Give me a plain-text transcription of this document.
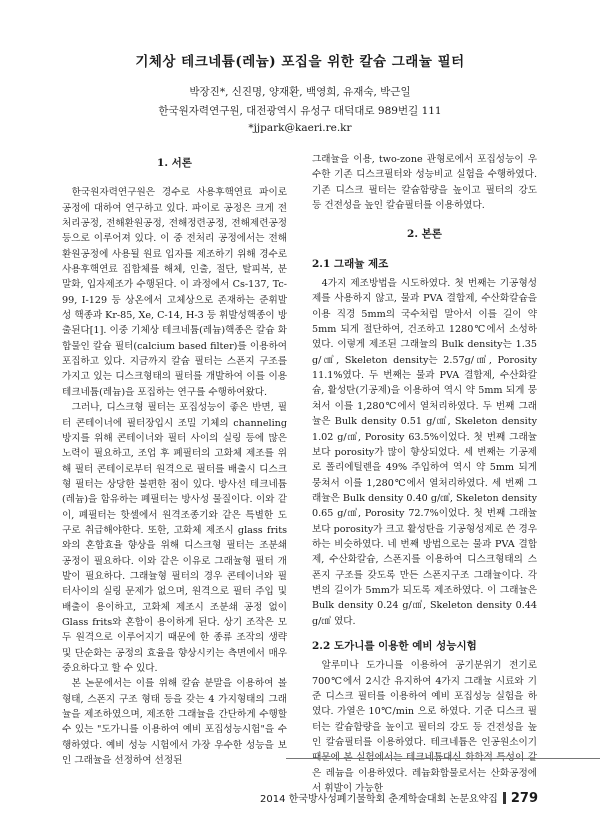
기체상 테크네튬(레늄) 포집을 위한 칼슘 그래뉼 필터
박장진*, 신진명, 양재환, 백영희, 유재숙, 박근일
한국원자력연구원, 대전광역시 유성구 대덕대로 989번길 111
*jjpark@kaeri.re.kr
1. 서론

한국원자력연구원은 경수로 사용후핵연료 파이로 공정에 대하여 연구하고 있다. 파이로 공정은 크게 전처리공정, 전해환원공정, 전해정련공정, 전해제련공정 등으로 이루어져 있다. 이 중 전처리 공정에서는 전해환원공정에 사용될 원료 입자를 제조하기 위해 경수로 사용후핵연료 집합체를 해체, 인출, 절단, 탈피복, 분말화, 입자제조가 수행된다. 이 과정에서 Cs-137, Tc-99, I-129 등 상온에서 고체상으로 존재하는 준휘발성 핵종과 Kr-85, Xe, C-14, H-3 등 휘발성핵종이 방출된다[1]. 이중 기체상 테크네튬(레늄)핵종은 칼슘 화합물인 칼슘 필터(calcium based filter)를 이용하여 포집하고 있다. 지금까지 칼슘 필터는 스폰지 구조를 가지고 있는 디스크형태의 필터를 개발하여 이를 이용 테크네튬(레늄)을 포집하는 연구를 수행하여왔다.

그러나, 디스크형 필터는 포집성능이 좋은 반면, 필터 콘테이너에 필터장입시 조밀 기체의 channeling 방지를 위해 콘테이너와 필터 사이의 실링 등에 많은 노력이 필요하고, 조업 후 폐필터의 고화체 제조를 위해 필터 콘테이로부터 원격으로 필터를 배출시 디스크형 필터는 상당한 불편한 점이 있다. 방사선 테크네튬(레늄)을 함유하는 폐필터는 방사성 물질이다. 이와 같이, 폐필터는 핫셀에서 원격조종기와 같은 특별한 도구로 취급해야한다. 또한, 고화체 제조시 glass frits와의 혼합효율 향상을 위해 디스크형 필터는 조분쇄 공정이 필요하다. 이와 같은 이유로 그래뉼형 필터 개발이 필요하다. 그래뉼형 필터의 경우 콘테이너와 필터사이의 실링 문제가 없으며, 원격으로 필터 주입 및 배출이 용이하고, 고화체 제조시 조분쇄 공정 없이 Glass frits와 혼합이 용이하게 된다. 상기 조작은 모두 원격으로 이루어지기 때문에 한 종류 조작의 생략 및 단순화는 공정의 효율을 향상시키는 측면에서 매우 중요하다고 할 수 있다.

본 논문에서는 이를 위해 칼슘 분말을 이용하여 볼 형태, 스폰지 구조 형태 등을 갖는 4 가지형태의 그래뉼을 제조하였으며, 제조한 그래뉼을 간단하게 수행할 수 있는 "도가니를 이용하여 예비 포집성능시험"을 수행하였다. 예비 성능 시험에서 가장 우수한 성능을 보인 그래뉼을 선정하여 선정된

그래뉼을 이용, two-zone 관형로에서 포집성능이 우수한 기존 디스크필터와 성능비교 실험을 수행하였다. 기존 디스크 필터는 칼슘함량을 높이고 필터의 강도 등 건전성을 높인 칼슘필터를 이용하였다.

2. 본론
2.1 그래뉼 제조

4가지 제조방법을 시도하였다. 첫 번째는 기공형성제를 사용하지 않고, 물과 PVA 결합제, 수산화칼슘을 이용 직경 5mm의 국수처럼 말아서 이를 길이 약 5mm 되게 절단하여, 건조하고 1280℃에서 소성하였다. 이렇게 제조된 그래뉼의 Bulk density는 1.35 g/㎤, Skeleton density는 2.57g/㎤, Porosity 11.1%였다. 두 번째는 물과 PVA 결합제, 수산화칼슘, 활성탄(기공제)을 이용하여 역시 약 5mm 되게 뭉쳐서 이를 1,280℃에서 열처리하였다. 두 번째 그래뉼은 Bulk density 0.51 g/㎤, Skeleton density 1.02 g/㎤, Porosity 63.5%이었다. 첫 번째 그래뉼보다 porosity가 많이 향상되었다. 세 번째는 기공제로 폴리에틸렌을 49% 주입하여 역시 약 5mm 되게 뭉쳐서 이를 1,280℃에서 열처리하였다. 세 번째 그래뉼은 Bulk density 0.40 g/㎤, Skeleton density 0.65 g/㎤, Porosity 72.7%이었다. 첫 번째 그래뉼보다 porosity가 크고 활성탄을 기공형성제로 쓴 경우하는 비슷하였다. 네 번째 방법으로는 물과 PVA 결합제, 수산화칼슘, 스폰지를 이용하여 디스크형태의 스폰지 구조를 갖도록 만든 스폰지구조 그래뉼이다. 각 변의 길이가 5mm가 되도록 제조하였다. 이 그래뉼은 Bulk density 0.24 g/㎤, Skeleton density 0.44 g/㎤ 였다.

2.2 도가니를 이용한 예비 성능시험

알루미나 도가니를 이용하여 공기분위기 전기로 700℃에서 2시간 유지하여 4가지 그래뉼 시료와 기준 디스크 필터를 이용하여 예비 포집성능 실험을 하였다. 가열은 10℃/min 으로 하였다. 기준 디스크 필터는 칼슘함량을 높이고 필터의 강도 등 건전성을 높인 칼슘필터를 이용하였다. 테크네튬은 인공원소이기 때문에 본 실험에서는 테크네튬대신 화학적 특성이 같은 레늄을 이용하였다. 레늄화합물로서는 산화공정에서 휘발이 가능한

2014 한국방사성폐기물학회 춘계학술대회 논문요약집 279
